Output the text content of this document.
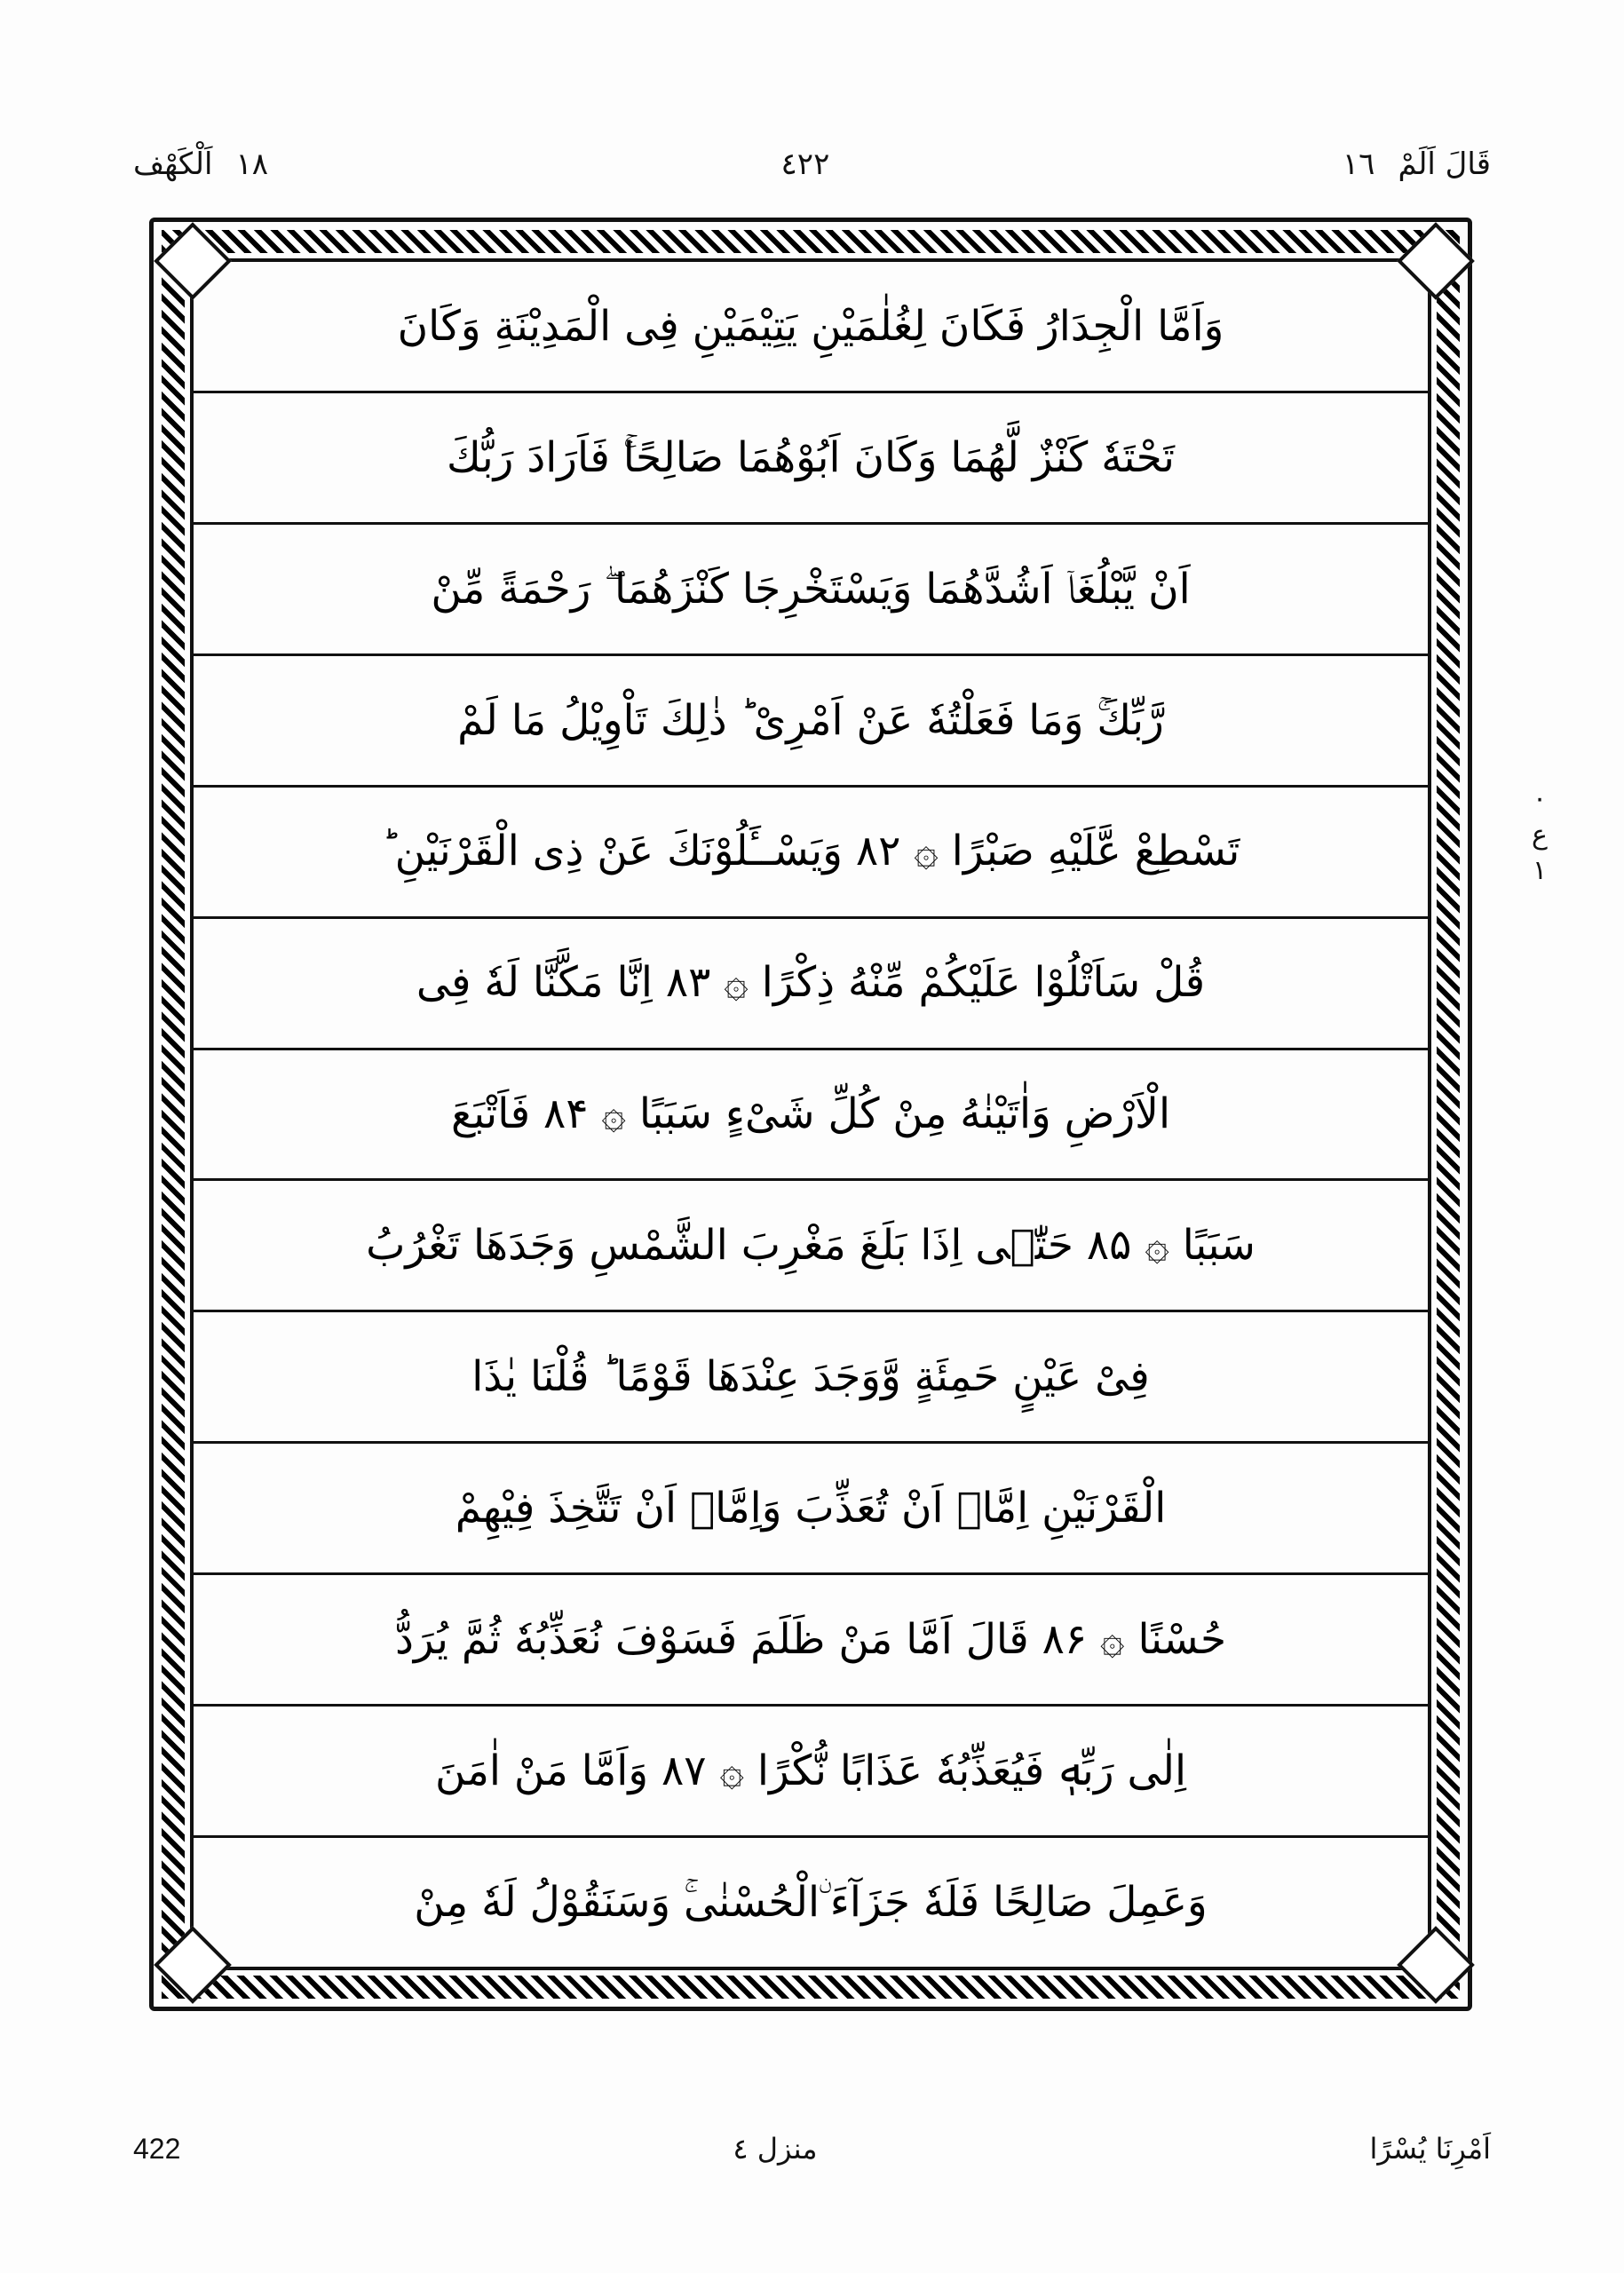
قَالَ اَلَمْ
١٦
٤٢٢
١٨
اَلْكَهْف
وَاَمَّا الْجِدَارُ فَكَانَ لِغُلٰمَيْنِ يَتِيْمَيْنِ فِى الْمَدِيْنَةِ وَكَانَ
تَحْتَهٗ كَنْزٌ لَّهُمَا وَكَانَ اَبُوْهُمَا صَالِحًا‌ۚ فَاَرَادَ رَبُّكَ
اَنْ يَّبْلُغَاۤ اَشُدَّهُمَا وَيَسْتَخْرِجَا كَنْزَهُمَا ۖ رَحْمَةً مِّنْ
رَّبِّكَ‌ۚ وَمَا فَعَلْتُهٗ عَنْ اَمْرِىْ‌ ؕ ذٰلِكَ تَاْوِيْلُ مَا لَمْ
تَسْطِعْ عَّلَيْهِ صَبْرًا ۞ ۸۲ وَيَسْــَٔلُوْنَكَ عَنْ ذِى الْقَرْنَيْنِ ؕ
قُلْ سَاَتْلُوْا عَلَيْكُمْ مِّنْهُ ذِكْرًا ۞ ۸۳ اِنَّا مَكَّنَّا لَهٗ فِى
الْاَرْضِ وَاٰتَيْنٰهُ مِنْ كُلِّ شَىْءٍ سَبَبًا ۞ ۸۴ فَاَتْبَعَ
سَبَبًا ۞ ۸۵ حَتّٰۤى اِذَا بَلَغَ مَغْرِبَ الشَّمْسِ وَجَدَهَا تَغْرُبُ
فِىْ عَيْنٍ حَمِئَةٍ وَّوَجَدَ عِنْدَهَا قَوْمًا‌ ؕ قُلْنَا يٰذَا
الْقَرْنَيْنِ اِمَّاۤ اَنْ تُعَذِّبَ وَاِمَّاۤ اَنْ تَتَّخِذَ فِيْهِمْ
حُسْنًا ۞ ۸۶ قَالَ اَمَّا مَنْ ظَلَمَ فَسَوْفَ نُعَذِّبُهٗ ثُمَّ يُرَدُّ
اِلٰى رَبِّهٖ فَيُعَذِّبُهٗ عَذَابًا نُّكْرًا ۞ ۸۷ وَاَمَّا مَنْ اٰمَنَ
وَعَمِلَ صَالِحًا فَلَهٗ جَزَآءَ ۨالْحُسْنٰى‌ۚ وَسَنَقُوْلُ لَهٗ مِنْ
٠
ع
١
اَمْرِنَا يُسْرًا
منزل ٤
422
